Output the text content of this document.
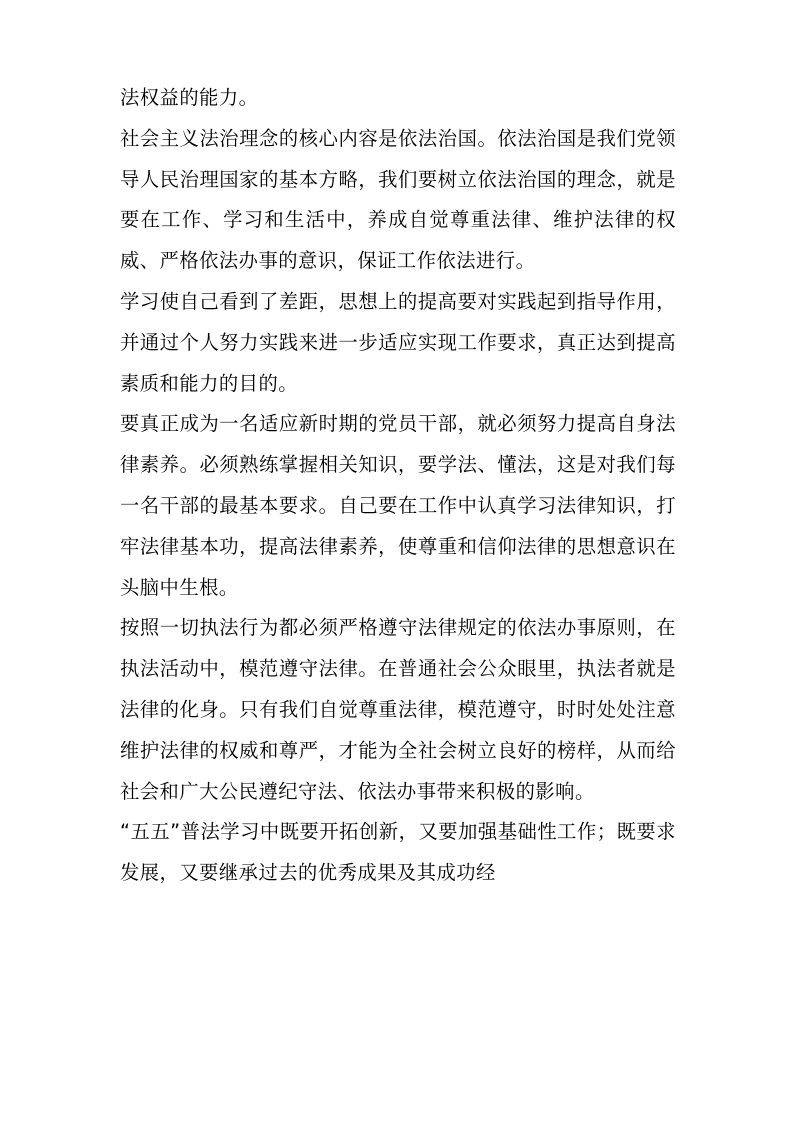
法权益的能力。

社会主义法治理念的核心内容是依法治国。依法治国是我们党领导人民治理国家的基本方略，我们要树立依法治国的理念，就是要在工作、学习和生活中，养成自觉尊重法律、维护法律的权威、严格依法办事的意识，保证工作依法进行。

学习使自己看到了差距，思想上的提高要对实践起到指导作用，并通过个人努力实践来进一步适应实现工作要求，真正达到提高素质和能力的目的。

要真正成为一名适应新时期的党员干部，就必须努力提高自身法律素养。必须熟练掌握相关知识，要学法、懂法，这是对我们每一名干部的最基本要求。自己要在工作中认真学习法律知识，打牢法律基本功，提高法律素养，使尊重和信仰法律的思想意识在头脑中生根。

按照一切执法行为都必须严格遵守法律规定的依法办事原则，在执法活动中，模范遵守法律。在普通社会公众眼里，执法者就是法律的化身。只有我们自觉尊重法律，模范遵守，时时处处注意维护法律的权威和尊严，才能为全社会树立良好的榜样，从而给社会和广大公民遵纪守法、依法办事带来积极的影响。

“五五”普法学习中既要开拓创新，又要加强基础性工作；既要求发展，又要继承过去的优秀成果及其成功经
